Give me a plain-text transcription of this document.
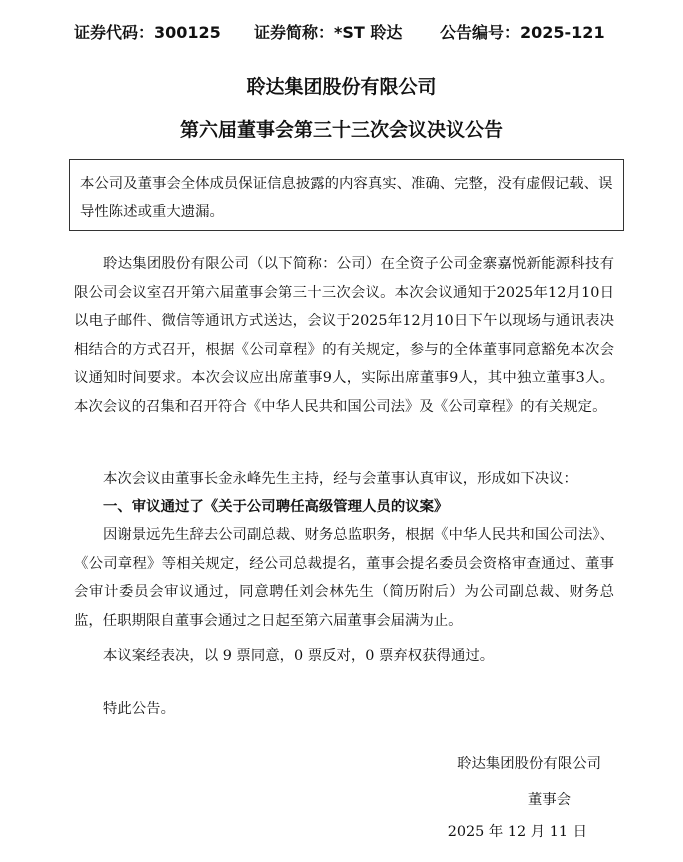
证券代码：300125 证券简称：*ST 聆达 公告编号：2025-121
聆达集团股份有限公司
第六届董事会第三十三次会议决议公告
本公司及董事会全体成员保证信息披露的内容真实、准确、完整，没有虚假记载、误导性陈述或重大遗漏。
聆达集团股份有限公司（以下简称：公司）在全资子公司金寨嘉悦新能源科技有限公司会议室召开第六届董事会第三十三次会议。本次会议通知于2025年12月10日以电子邮件、微信等通讯方式送达，会议于2025年12月10日下午以现场与通讯表决相结合的方式召开，根据《公司章程》的有关规定，参与的全体董事同意豁免本次会议通知时间要求。本次会议应出席董事9人，实际出席董事9人，其中独立董事3人。本次会议的召集和召开符合《中华人民共和国公司法》及《公司章程》的有关规定。
本次会议由董事长金永峰先生主持，经与会董事认真审议，形成如下决议：
一、审议通过了《关于公司聘任高级管理人员的议案》
因谢景远先生辞去公司副总裁、财务总监职务，根据《中华人民共和国公司法》、《公司章程》等相关规定，经公司总裁提名，董事会提名委员会资格审查通过、董事会审计委员会审议通过，同意聘任刘会林先生（简历附后）为公司副总裁、财务总监，任职期限自董事会通过之日起至第六届董事会届满为止。
本议案经表决，以 9 票同意，0 票反对，0 票弃权获得通过。
特此公告。
聆达集团股份有限公司
董事会
2025 年 12 月 11 日
